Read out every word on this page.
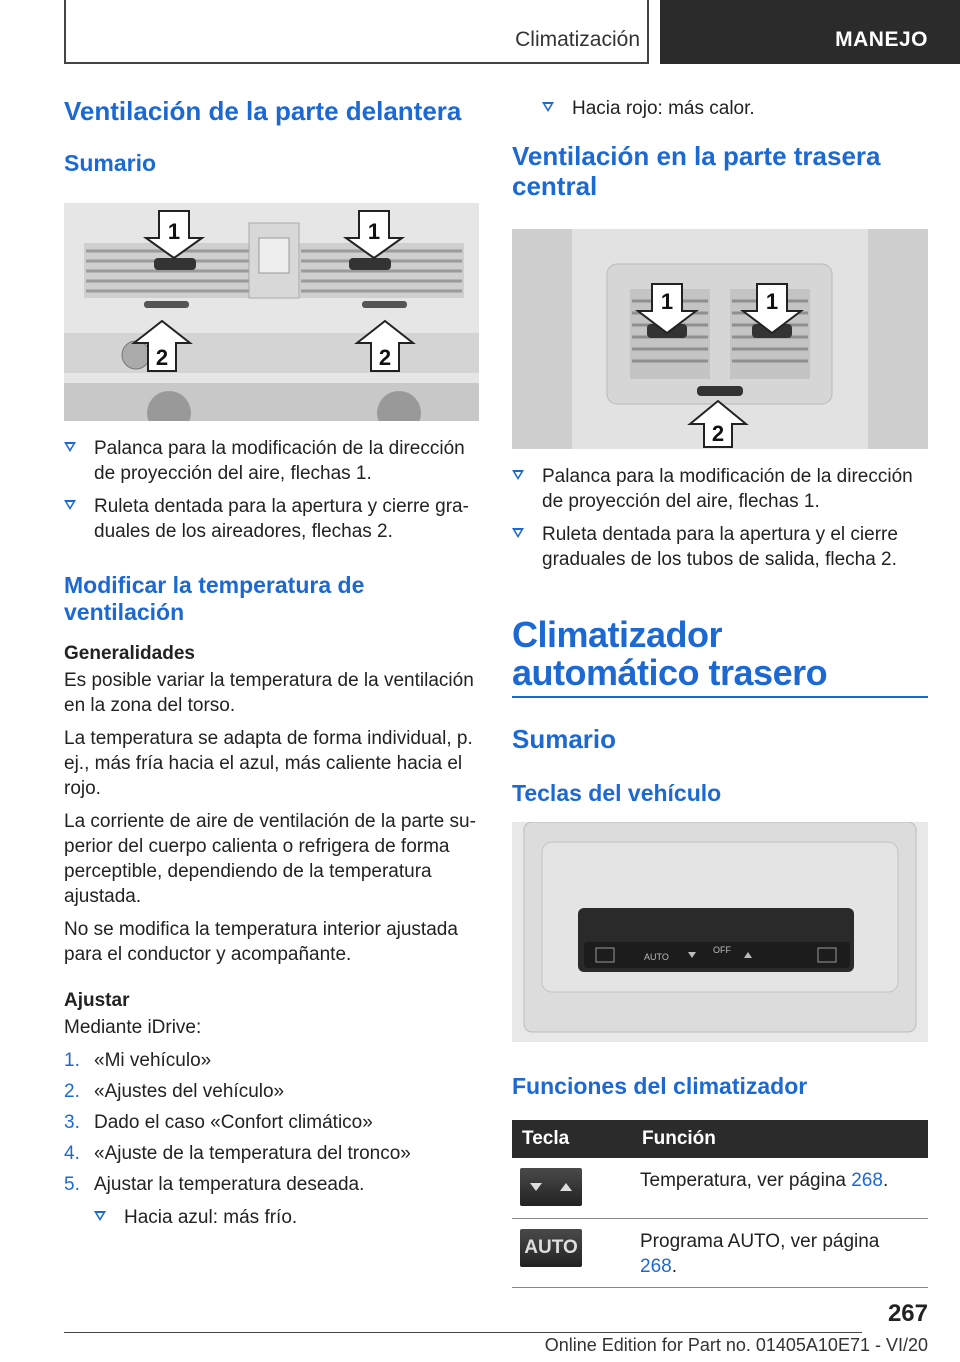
Climatización	MANEJO
Ventilación de la parte delantera
Sumario
1	1
2	2
Palanca para la modificación de la dirección de proyección del aire, flechas 1.
Ruleta dentada para la apertura y cierre graduales de los aireadores, flechas 2.
Modificar la temperatura de ventilación
Generalidades
Es posible variar la temperatura de la ventilación en la zona del torso.
La temperatura se adapta de forma individual, p. ej., más fría hacia el azul, más caliente hacia el rojo.
La corriente de aire de ventilación de la parte superior del cuerpo calienta o refrigera de forma perceptible, dependiendo de la temperatura ajustada.
No se modifica la temperatura interior ajustada para el conductor y acompañante.
Ajustar
Mediante iDrive:
1. «Mi vehículo»
2. «Ajustes del vehículo»
3. Dado el caso «Confort climático»
4. «Ajuste de la temperatura del tronco»
5. Ajustar la temperatura deseada.
Hacia azul: más frío.
Hacia rojo: más calor.
Ventilación en la parte trasera central
1	1
2
Palanca para la modificación de la dirección de proyección del aire, flechas 1.
Ruleta dentada para la apertura y el cierre graduales de los tubos de salida, flecha 2.
Climatizador automático trasero
Sumario
Teclas del vehículo
AUTO
OFF
Funciones del climatizador
Tecla	Función

	Temperatura, ver página 268.

AUTO	Programa AUTO, ver página 268.
267
Online Edition for Part no. 01405A10E71 - VI/20
